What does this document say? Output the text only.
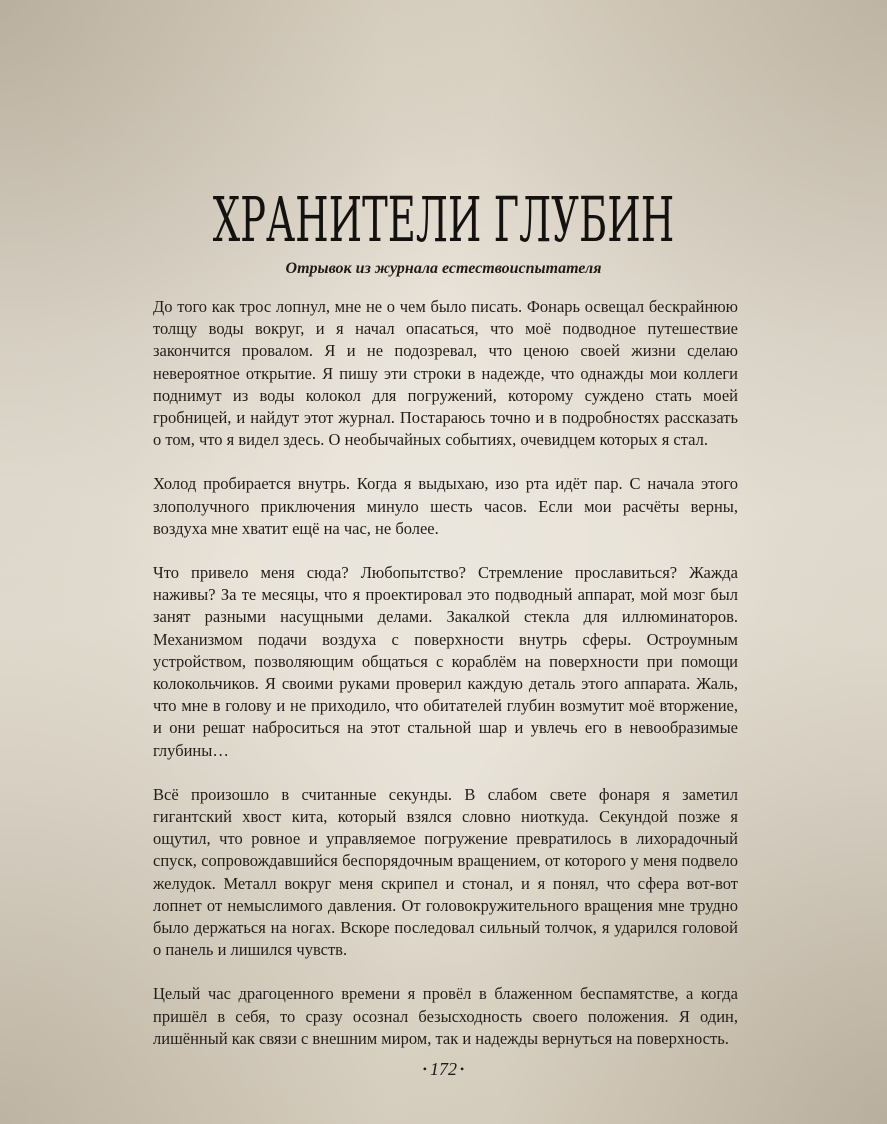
ХРАНИТЕЛИ ГЛУБИН
Отрывок из журнала естествоиспытателя

До того как трос лопнул, мне не о чем было писать. Фонарь освещал бескрайнюю толщу воды вокруг, и я начал опасаться, что моё подводное путешествие закончится провалом. Я и не подозревал, что ценою своей жизни сделаю невероятное открытие. Я пишу эти строки в надежде, что однажды мои коллеги поднимут из воды колокол для погружений, которому суждено стать моей гробницей, и найдут этот журнал. Постараюсь точно и в подробностях рассказать о том, что я видел здесь. О необычайных событиях, очевидцем которых я стал.

Холод пробирается внутрь. Когда я выдыхаю, изо рта идёт пар. С начала этого злополучного приключения минуло шесть часов. Если мои расчёты верны, воздуха мне хватит ещё на час, не более.

Что привело меня сюда? Любопытство? Стремление прославиться? Жажда наживы? За те месяцы, что я проектировал это подводный аппарат, мой мозг был занят разными насущными делами. Закалкой стекла для иллюминаторов. Механизмом подачи воздуха с поверхности внутрь сферы. Остроумным устройством, позволяющим общаться с кораблём на поверхности при помощи колокольчиков. Я своими руками проверил каждую деталь этого аппарата. Жаль, что мне в голову и не приходило, что обитателей глубин возмутит моё вторжение, и они решат наброситься на этот стальной шар и увлечь его в невообразимые глубины…

Всё произошло в считанные секунды. В слабом свете фонаря я заметил гигантский хвост кита, который взялся словно ниоткуда. Секундой позже я ощутил, что ровное и управляемое погружение превратилось в лихорадочный спуск, сопровождавшийся беспорядочным вращением, от которого у меня подвело желудок. Металл вокруг меня скрипел и стонал, и я понял, что сфера вот-вот лопнет от немыслимого давления. От головокружительного вращения мне трудно было держаться на ногах. Вскоре последовал сильный толчок, я ударился головой о панель и лишился чувств.

Целый час драгоценного времени я провёл в блаженном беспамятстве, а когда пришёл в себя, то сразу осознал безысходность своего положения. Я один, лишённый как связи с внешним миром, так и надежды вернуться на поверхность.

• 172 •
